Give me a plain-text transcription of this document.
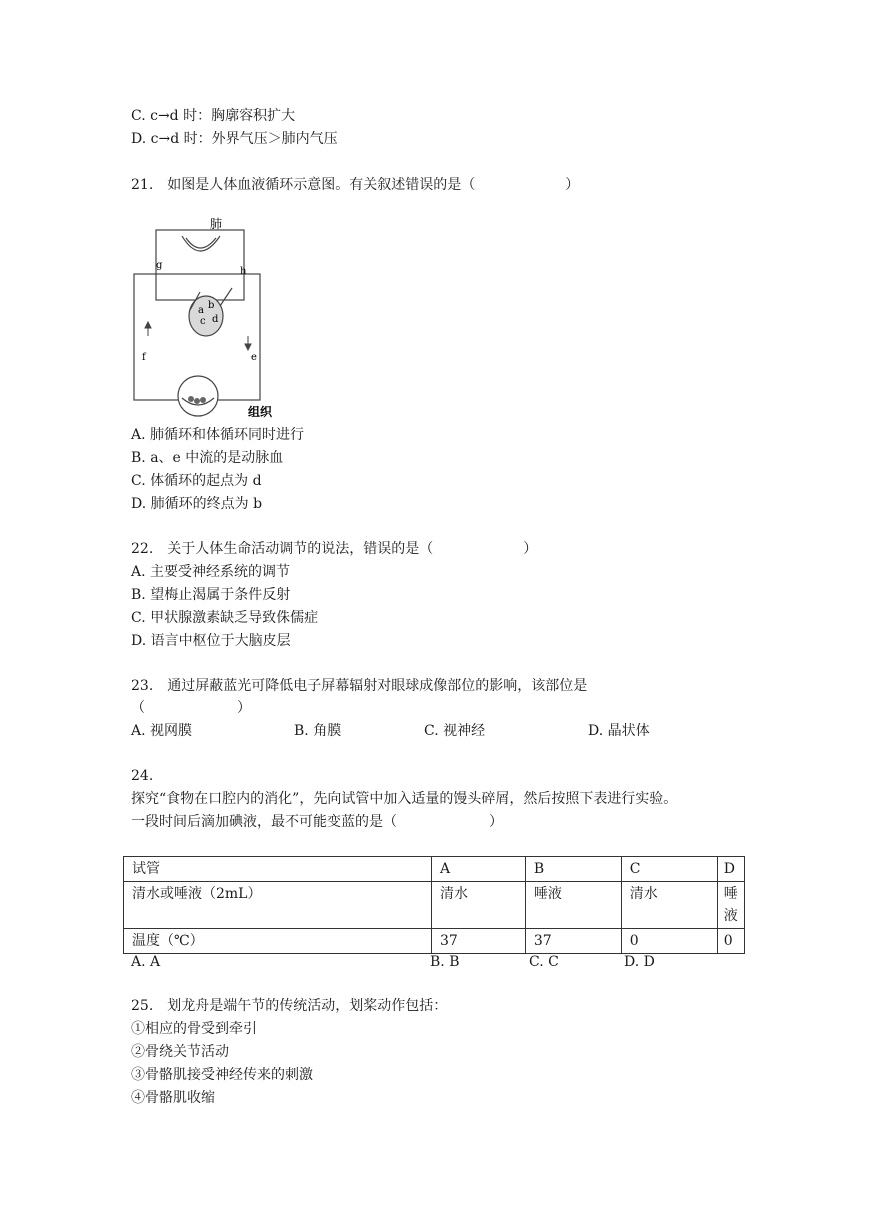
C. c→d 时：胸廓容积扩大
D. c→d 时：外界气压＞肺内气压
21.　如图是人体血液循环示意图。有关叙述错误的是（	）
肺
组织
a b
c d
e
f
g
h
A. 肺循环和体循环同时进行
B. a、e 中流的是动脉血
C. 体循环的起点为 d
D. 肺循环的终点为 b
22.　关于人体生命活动调节的说法，错误的是（	）
A. 主要受神经系统的调节
B. 望梅止渴属于条件反射
C. 甲状腺激素缺乏导致侏儒症
D. 语言中枢位于大脑皮层
23.　通过屏蔽蓝光可降低电子屏幕辐射对眼球成像部位的影响，该部位是
（	）
A. 视网膜	B. 角膜	C. 视神经	D. 晶状体
24.
探究“食物在口腔内的消化”，先向试管中加入适量的馒头碎屑，然后按照下表进行实验。
一段时间后滴加碘液，最不可能变蓝的是（	）
试管	A	B	C	D
清水或唾液（2mL）	清水	唾液	清水	唾液
温度（℃）	37	37	0	0
A. A	B. B	C. C	D. D
25.　划龙舟是端午节的传统活动，划桨动作包括：
①相应的骨受到牵引
②骨绕关节活动
③骨骼肌接受神经传来的刺激
④骨骼肌收缩
